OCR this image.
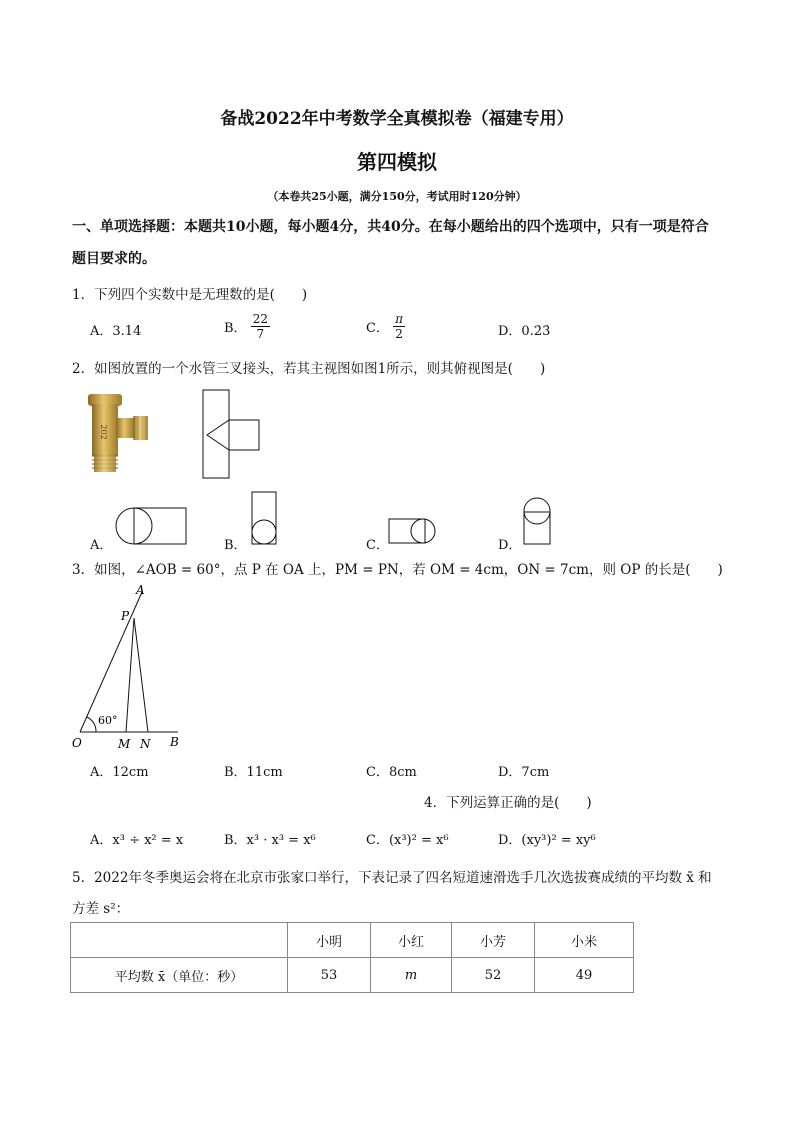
备战2022年中考数学全真模拟卷（福建专用）
第四模拟
（本卷共25小题，满分150分，考试用时120分钟）
一、单项选择题：本题共10小题，每小题4分，共40分。在每小题给出的四个选项中，只有一项是符合
题目要求的。
1．下列四个实数中是无理数的是(　　)
A．3.14	B． $\frac{22}{7}$	C． $\frac{\pi}{2}$	D．0.2̇3̇
2．如图放置的一个水管三叉接头，若其主视图如图1所示，则其俯视图是(　　)
202
A．	B．	C．	D．
3．如图，∠AOB = 60°，点 P 在 OA 上，PM = PN，若 OM = 4cm，ON = 7cm，则 OP 的长是(　　)
A
P
O	M N B
60°
A．12cm	B．11cm	C．8cm	D．7cm
4．下列运算正确的是(　　)
A．x³ ÷ x² = x	B．x³ · x³ = x⁶	C．(x³)² = x⁶	D．(xy³)² = xy⁶
5．2022年冬季奥运会将在北京市张家口举行，下表记录了四名短道速滑选手几次选拔赛成绩的平均数 x̄ 和
方差 s²：
	小明	小红	小芳	小米
平均数 x̄（单位：秒）	53	m	52	49
